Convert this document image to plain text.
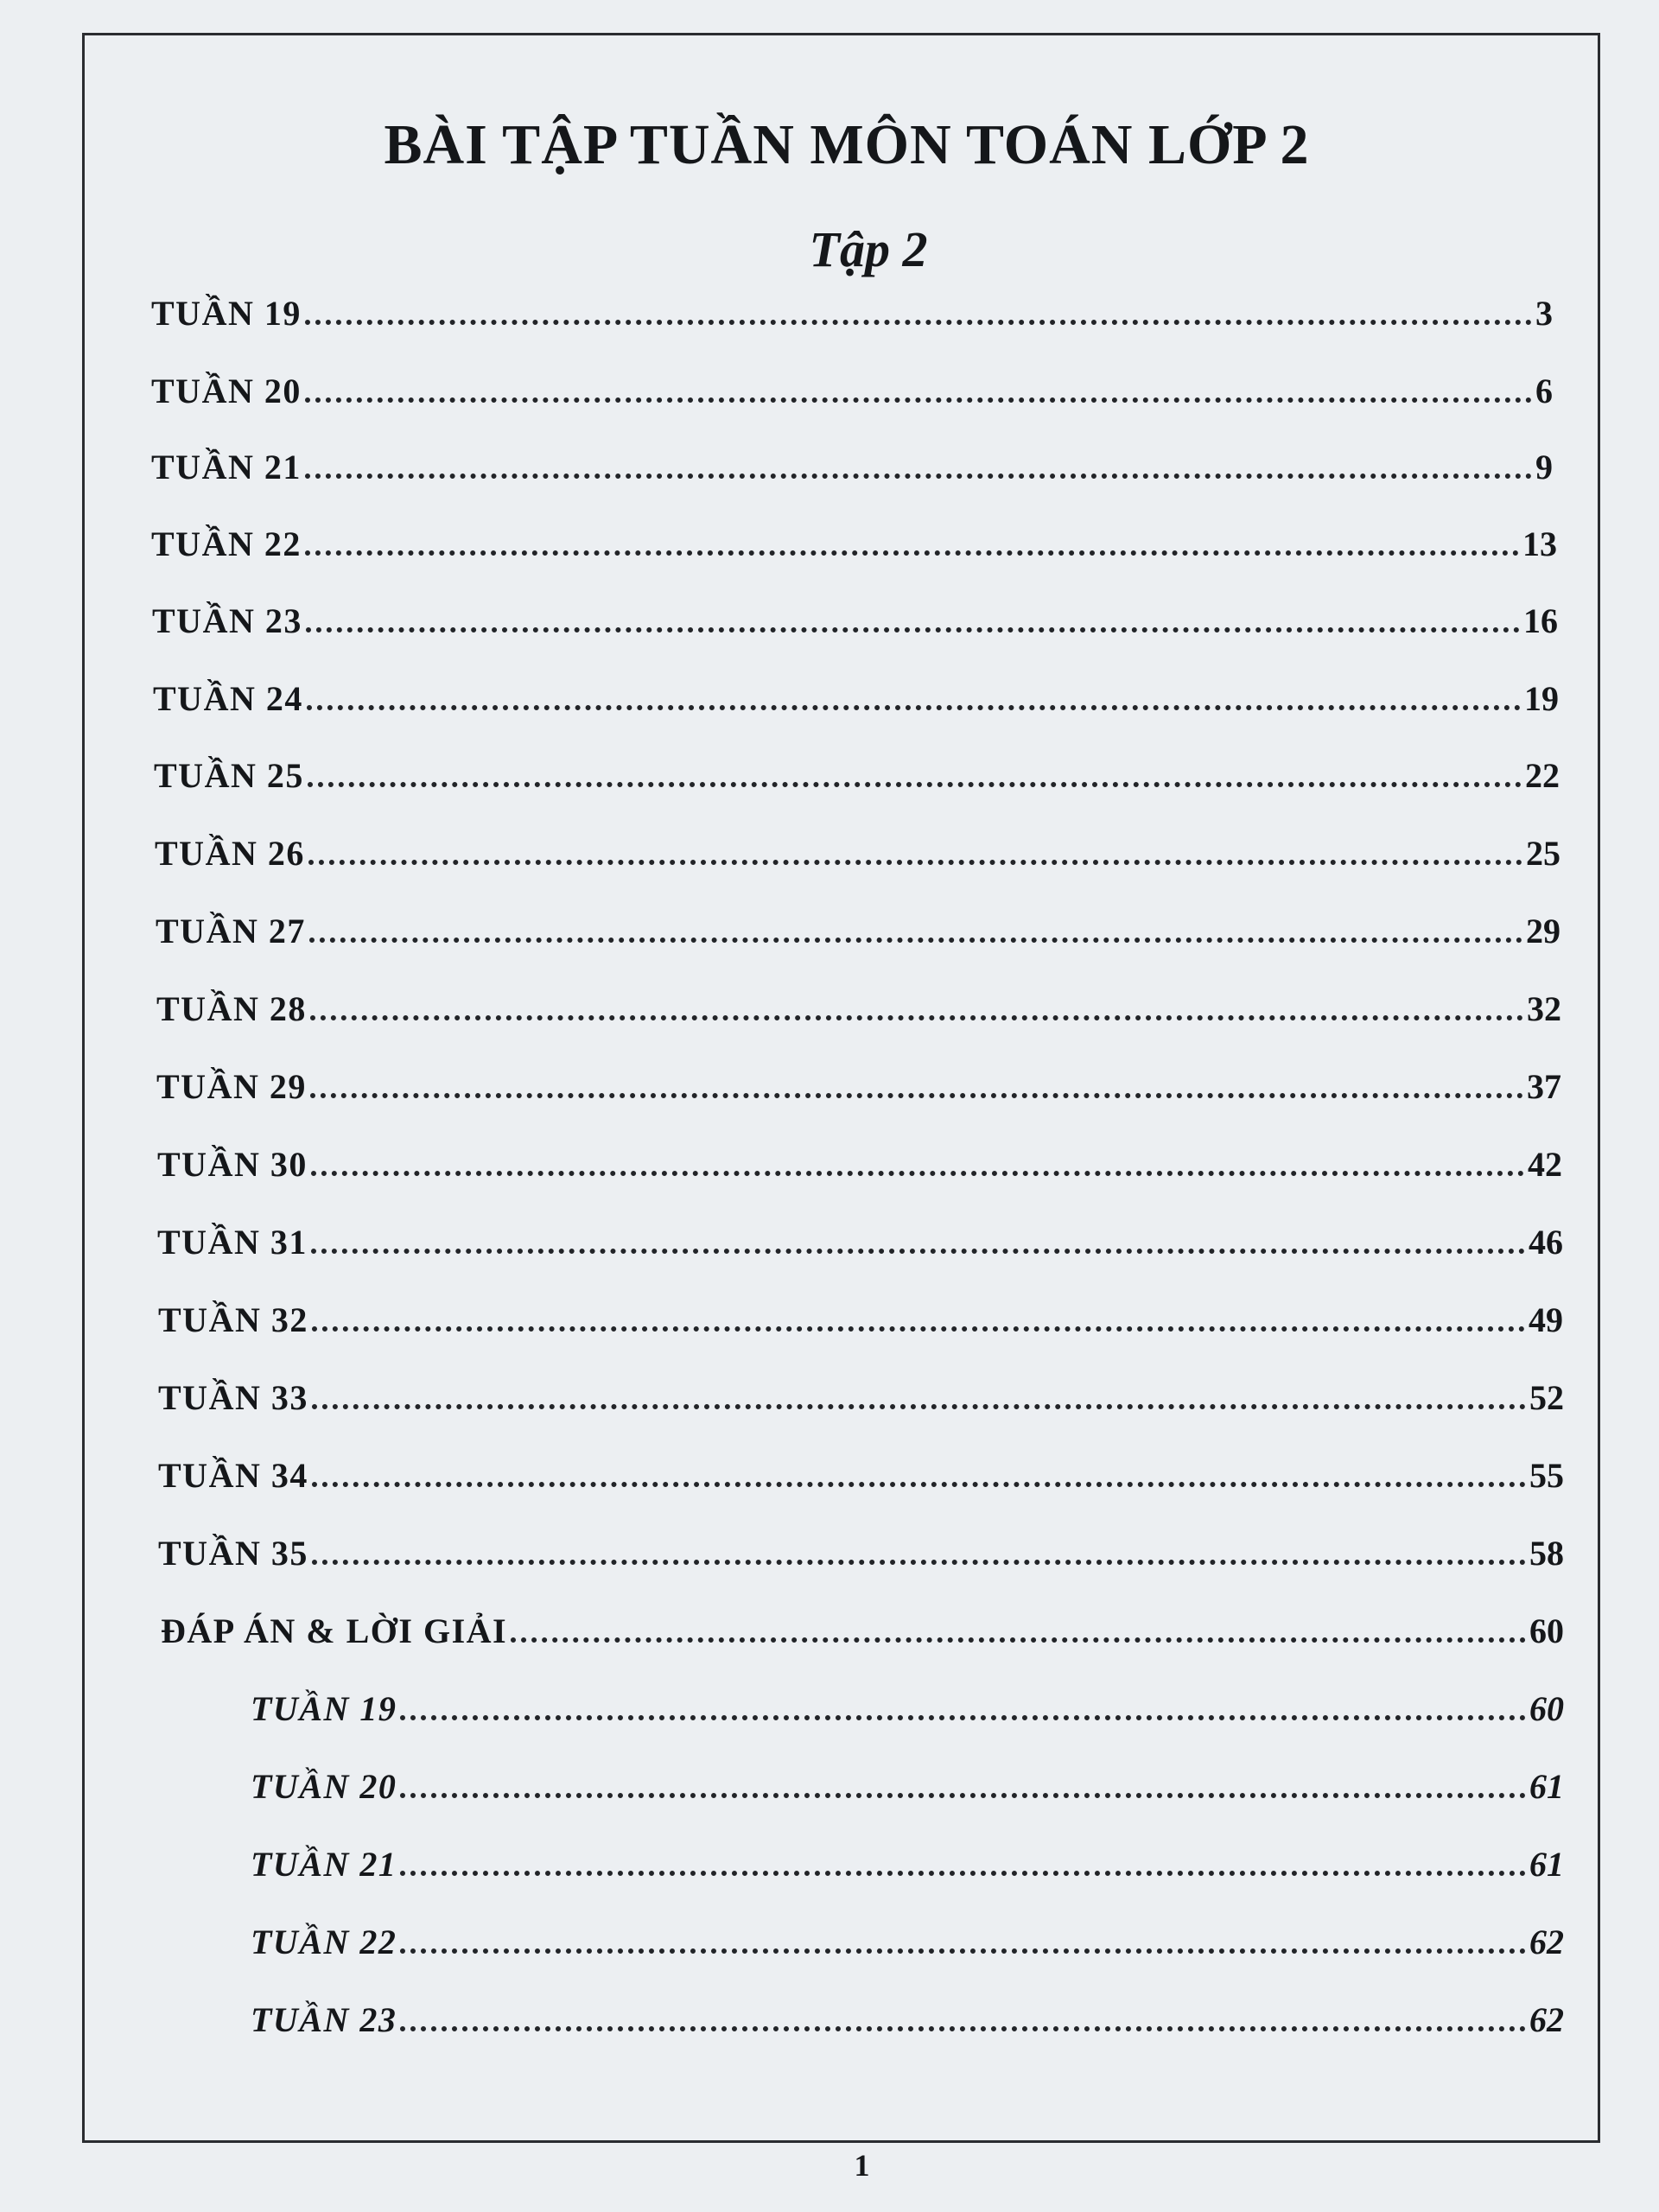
BÀI TẬP TUẦN MÔN TOÁN LỚP 2
Tập 2
TUẦN 19	3
TUẦN 20	6
TUẦN 21	9
TUẦN 22	13
TUẦN 23	16
TUẦN 24	19
TUẦN 25	22
TUẦN 26	25
TUẦN 27	29
TUẦN 28	32
TUẦN 29	37
TUẦN 30	42
TUẦN 31	46
TUẦN 32	49
TUẦN 33	52
TUẦN 34	55
TUẦN 35	58
ĐÁP ÁN & LỜI GIẢI	60
TUẦN 19	60
TUẦN 20	61
TUẦN 21	61
TUẦN 22	62
TUẦN 23	62
1
